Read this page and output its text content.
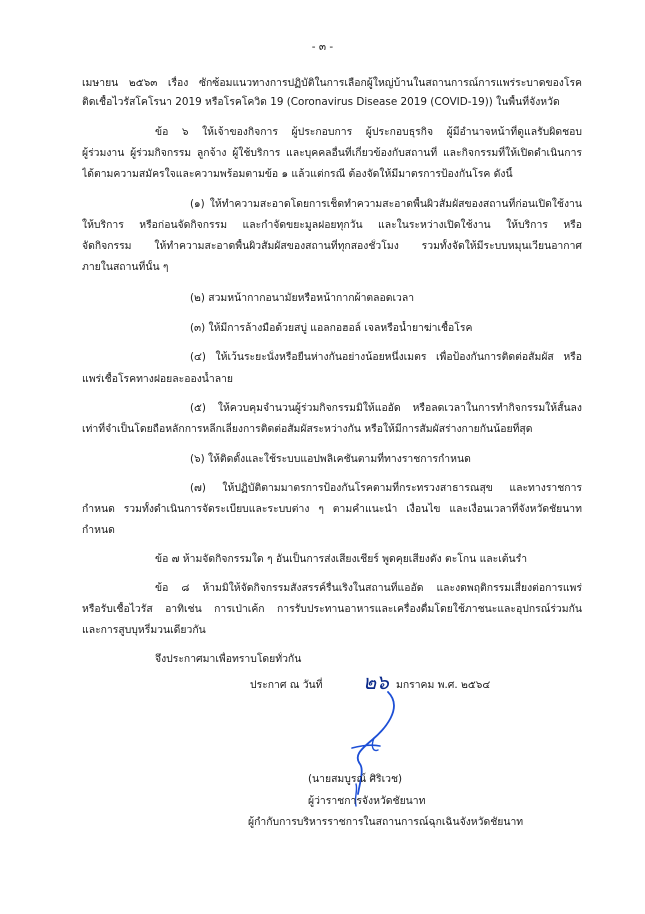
- ๓ -
เมษายน ๒๕๖๓ เรื่อง ซักซ้อมแนวทางการปฏิบัติในการเลือกผู้ใหญ่บ้านในสถานการณ์การแพร่ระบาดของโรค
ติดเชื้อไวรัสโคโรนา 2019 หรือโรคโควิด 19 (Coronavirus Disease 2019 (COVID-19)) ในพื้นที่จังหวัด
ข้อ ๖ ให้เจ้าของกิจการ ผู้ประกอบการ ผู้ประกอบธุรกิจ ผู้มีอำนาจหน้าที่ดูแลรับผิดชอบ
ผู้ร่วมงาน ผู้ร่วมกิจกรรม ลูกจ้าง ผู้ใช้บริการ และบุคคลอื่นที่เกี่ยวข้องกับสถานที่ และกิจกรรมที่ให้เปิดดำเนินการ
ได้ตามความสมัครใจและความพร้อมตามข้อ ๑ แล้วแต่กรณี ต้องจัดให้มีมาตรการป้องกันโรค ดังนี้
(๑) ให้ทำความสะอาดโดยการเช็ดทำความสะอาดพื้นผิวสัมผัสของสถานที่ก่อนเปิดใช้งาน
ให้บริการ หรือก่อนจัดกิจกรรม และกำจัดขยะมูลฝอยทุกวัน และในระหว่างเปิดใช้งาน ให้บริการ หรือ
จัดกิจกรรม ให้ทำความสะอาดพื้นผิวสัมผัสของสถานที่ทุกสองชั่วโมง รวมทั้งจัดให้มีระบบหมุนเวียนอากาศ
ภายในสถานที่นั้น ๆ
(๒) สวมหน้ากากอนามัยหรือหน้ากากผ้าตลอดเวลา
(๓) ให้มีการล้างมือด้วยสบู่ แอลกอฮอล์ เจลหรือน้ำยาฆ่าเชื้อโรค
(๔) ให้เว้นระยะนั่งหรือยืนห่างกันอย่างน้อยหนึ่งเมตร เพื่อป้องกันการติดต่อสัมผัส หรือ
แพร่เชื้อโรคทางฝอยละอองน้ำลาย
(๕) ให้ควบคุมจำนวนผู้ร่วมกิจกรรมมิให้แออัด หรือลดเวลาในการทำกิจกรรมให้สั้นลง
เท่าที่จำเป็นโดยถือหลักการหลีกเลี่ยงการติดต่อสัมผัสระหว่างกัน หรือให้มีการสัมผัสร่างกายกันน้อยที่สุด
(๖) ให้ติดตั้งและใช้ระบบแอปพลิเคชันตามที่ทางราชการกำหนด
(๗) ให้ปฏิบัติตามมาตรการป้องกันโรคตามที่กระทรวงสาธารณสุข และทางราชการ
กำหนด รวมทั้งดำเนินการจัดระเบียบและระบบต่าง ๆ ตามคำแนะนำ เงื่อนไข และเงื่อนเวลาที่จังหวัดชัยนาท
กำหนด
ข้อ ๗ ห้ามจัดกิจกรรมใด ๆ อันเป็นการส่งเสียงเชียร์ พูดคุยเสียงดัง ตะโกน และเต้นรำ
ข้อ ๘ ห้ามมิให้จัดกิจกรรมสังสรรค์รื่นเริงในสถานที่แออัด และงดพฤติกรรมเสี่ยงต่อการแพร่
หรือรับเชื้อไวรัส อาทิเช่น การเป่าเค้ก การรับประทานอาหารและเครื่องดื่มโดยใช้ภาชนะและอุปกรณ์ร่วมกัน
และการสูบบุหรี่มวนเดียวกัน
จึงประกาศมาเพื่อทราบโดยทั่วกัน
ประกาศ ณ วันที่ ๒๖ มกราคม พ.ศ. ๒๕๖๔
(นายสมบูรณ์ ศิริเวช)
ผู้ว่าราชการจังหวัดชัยนาท
ผู้กำกับการบริหารราชการในสถานการณ์ฉุกเฉินจังหวัดชัยนาท
